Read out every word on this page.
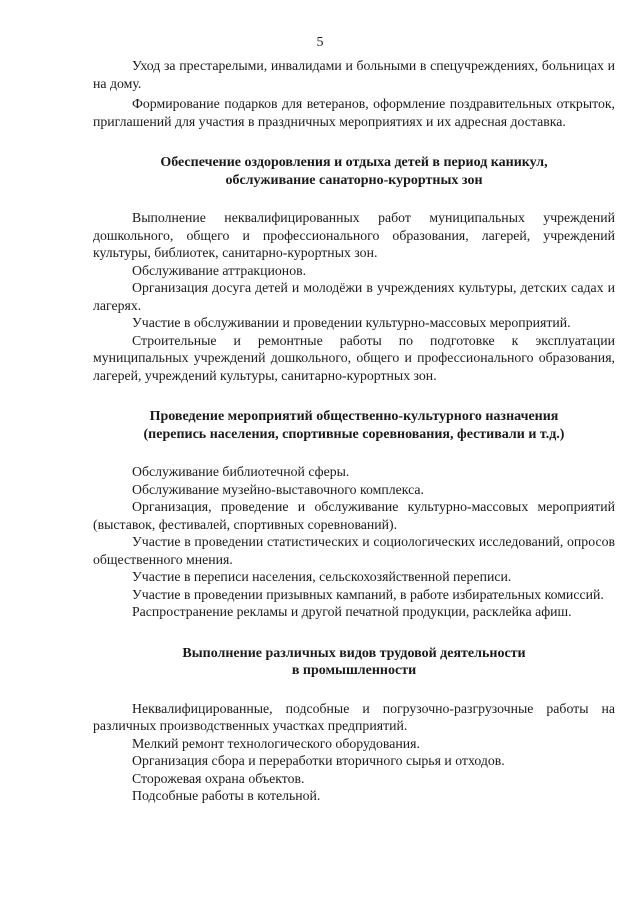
5

Уход за престарелыми, инвалидами и больными в спецучреждениях, больницах и на дому.

Формирование подарков для ветеранов, оформление поздравительных открыток, приглашений для участия в праздничных мероприятиях и их адресная доставка.

Обеспечение оздоровления и отдыха детей в период каникул,
обслуживание санаторно-курортных зон

Выполнение неквалифицированных работ муниципальных учреждений дошкольного, общего и профессионального образования, лагерей, учреждений культуры, библиотек, санитарно-курортных зон.

Обслуживание аттракционов.

Организация досуга детей и молодёжи в учреждениях культуры, детских садах и лагерях.

Участие в обслуживании и проведении культурно-массовых мероприятий.

Строительные и ремонтные работы по подготовке к эксплуатации муниципальных учреждений дошкольного, общего и профессионального образования, лагерей, учреждений культуры, санитарно-курортных зон.

Проведение мероприятий общественно-культурного назначения
(перепись населения, спортивные соревнования, фестивали и т.д.)

Обслуживание библиотечной сферы.

Обслуживание музейно-выставочного комплекса.

Организация, проведение и обслуживание культурно-массовых мероприятий (выставок, фестивалей, спортивных соревнований).

Участие в проведении статистических и социологических исследований, опросов общественного мнения.

Участие в переписи населения, сельскохозяйственной переписи.

Участие в проведении призывных кампаний, в работе избирательных комиссий.

Распространение рекламы и другой печатной продукции, расклейка афиш.

Выполнение различных видов трудовой деятельности
в промышленности

Неквалифицированные, подсобные и погрузочно-разгрузочные работы на различных производственных участках предприятий.

Мелкий ремонт технологического оборудования.

Организация сбора и переработки вторичного сырья и отходов.

Сторожевая охрана объектов.

Подсобные работы в котельной.
